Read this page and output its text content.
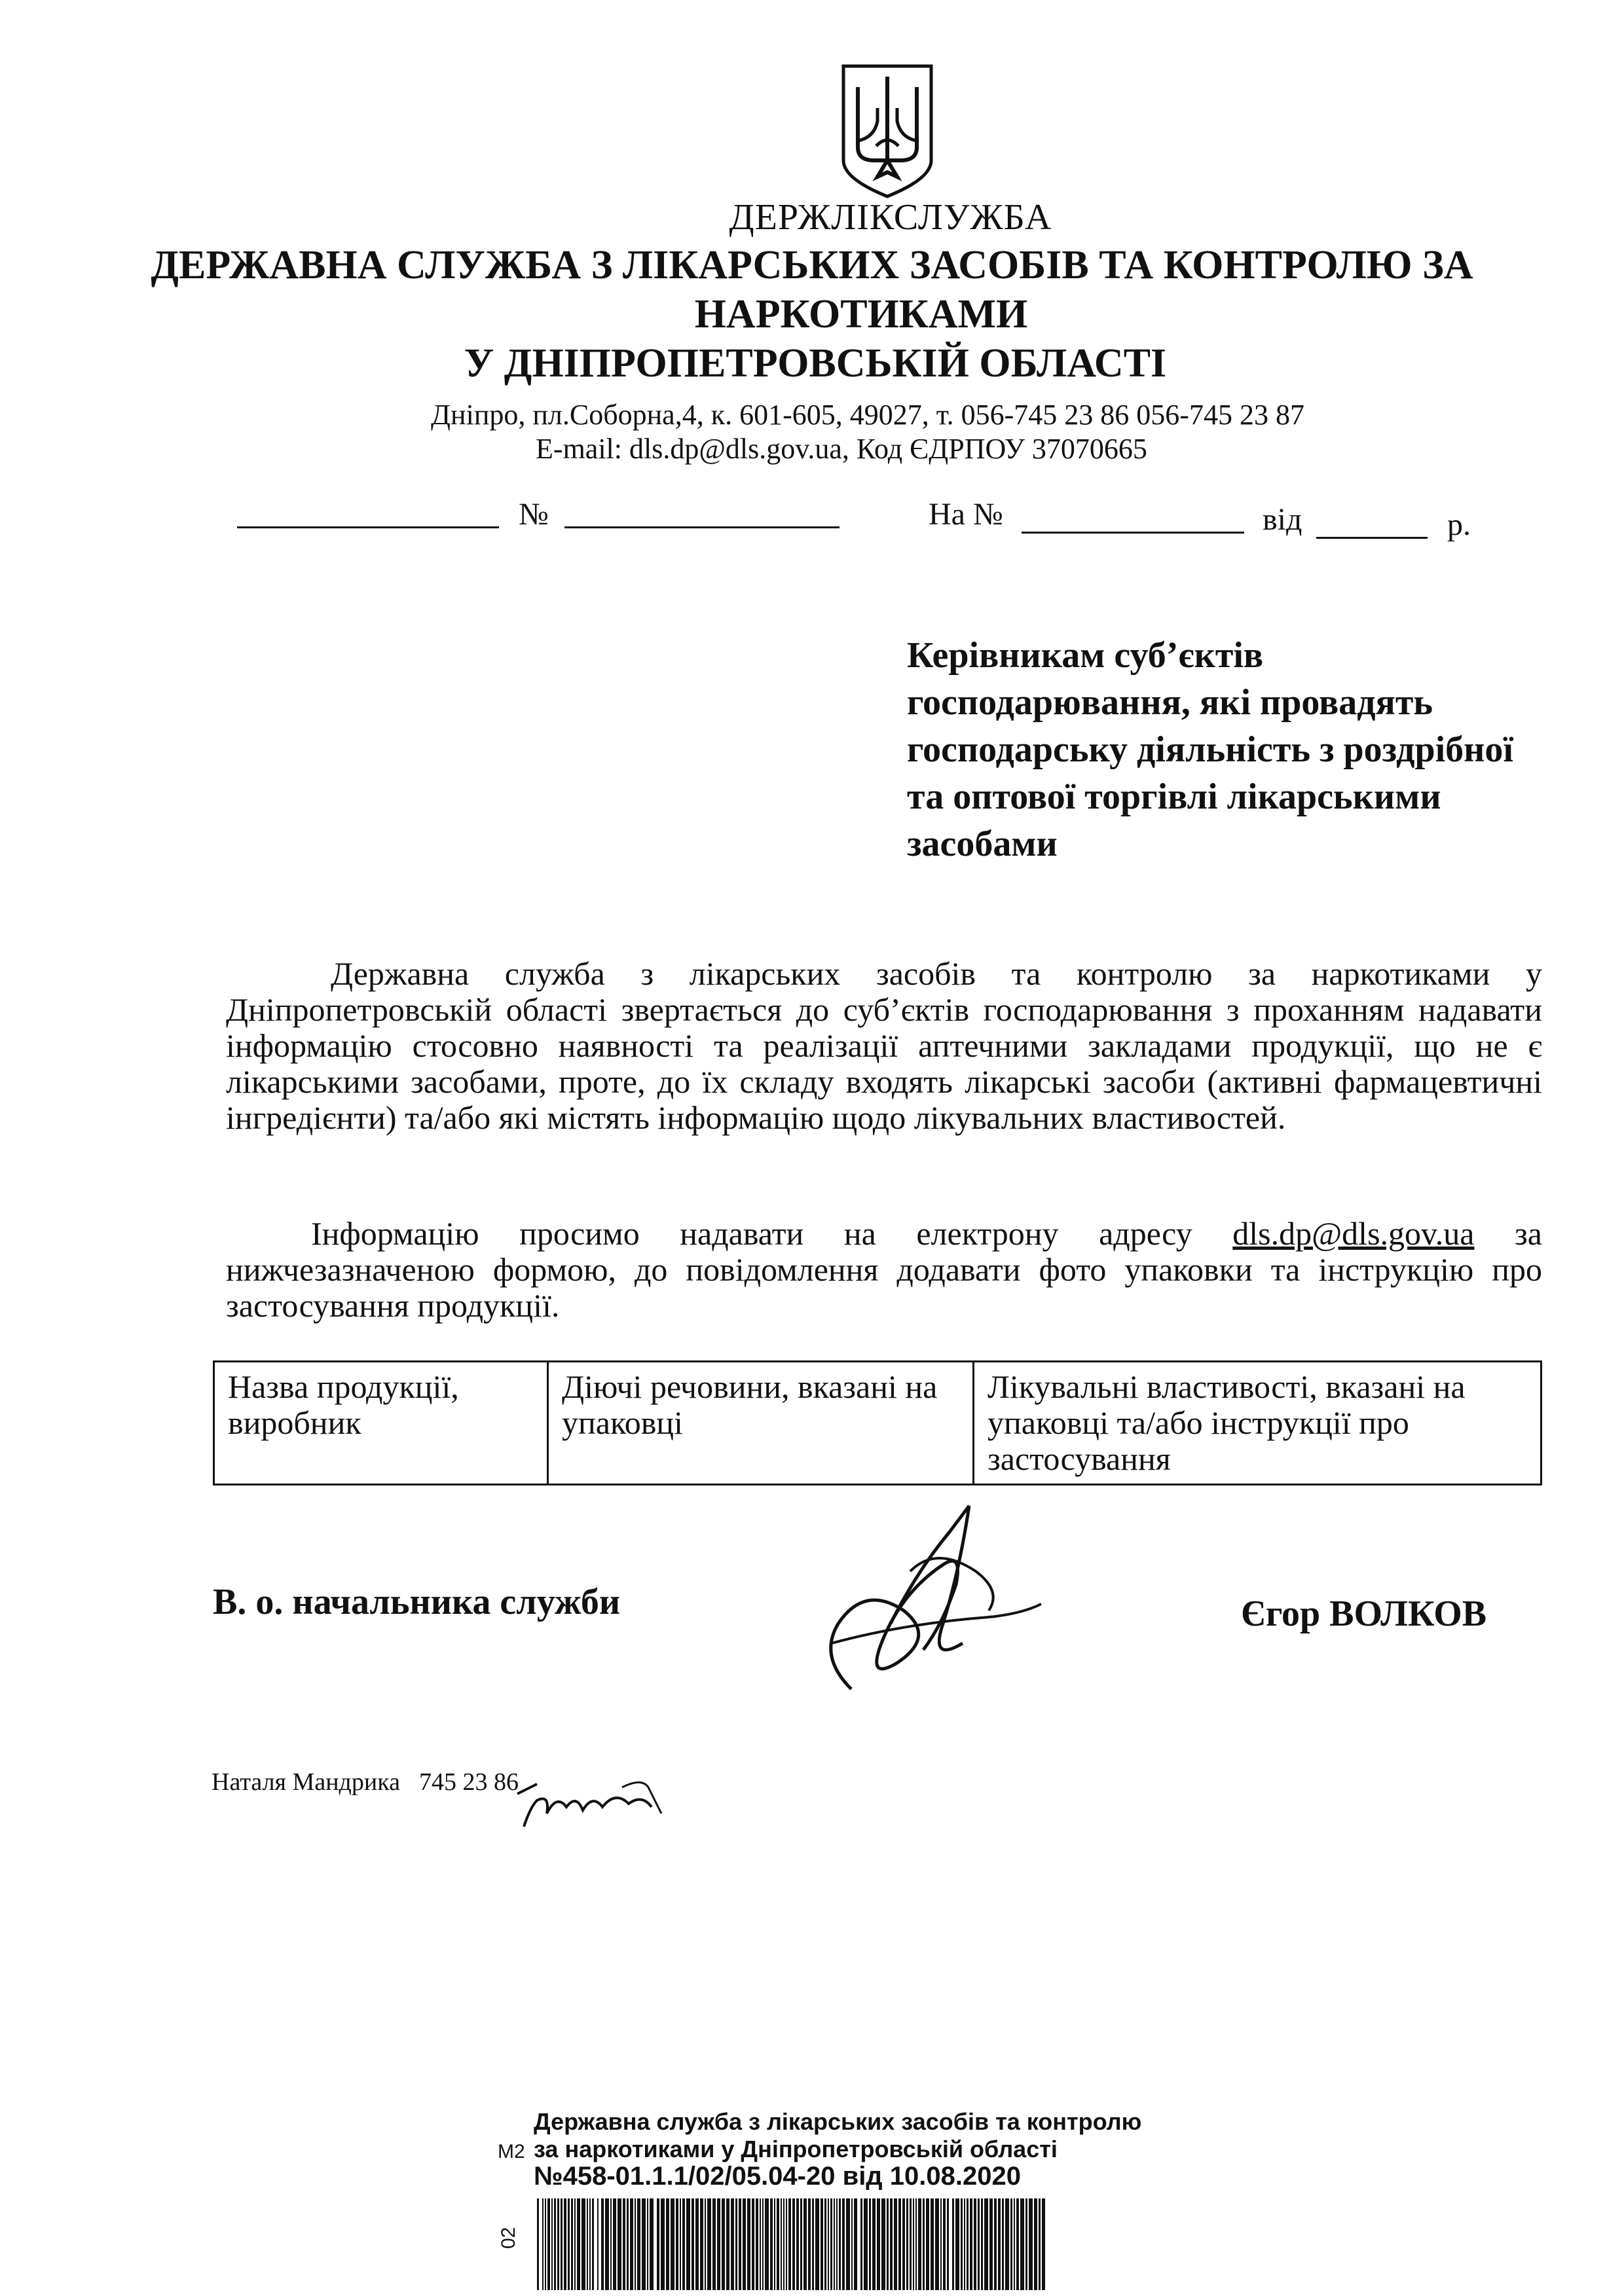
ДЕРЖЛІКСЛУЖБА
ДЕРЖАВНА СЛУЖБА З ЛІКАРСЬКИХ ЗАСОБІВ ТА КОНТРОЛЮ ЗА
НАРКОТИКАМИ
У ДНІПРОПЕТРОВСЬКІЙ ОБЛАСТІ
Дніпро, пл.Соборна,4, к. 601-605, 49027, т. 056-745 23 86 056-745 23 87
E-mail: dls.dp@dls.gov.ua, Код ЄДРПОУ 37070665
№	На №	від	р.
Керівникам суб’єктів
господарювання, які провадять
господарську діяльність з роздрібної
та оптової торгівлі лікарськими
засобами
Державна служба з лікарських засобів та контролю за наркотиками у Дніпропетровській області звертається до суб’єктів господарювання з проханням надавати інформацію стосовно наявності та реалізації аптечними закладами продукції, що не є лікарськими засобами, проте, до їх складу входять лікарські засоби (активні фармацевтичні інгредієнти) та/або які містять інформацію щодо лікувальних властивостей.
Інформацію просимо надавати на електрону адресу dls.dp@dls.gov.ua за нижчезазначеною формою, до повідомлення додавати фото упаковки та інструкцію про застосування продукції.
Назва продукції, виробник	Діючі речовини, вказані на упаковці	Лікувальні властивості, вказані на упаковці та/або інструкції про застосування
В. о. начальника служби	Єгор ВОЛКОВ
Наталя Мандрика 745 23 86
Державна служба з лікарських засобів та контролю
М2 за наркотиками у Дніпропетровській області
№458-01.1.1/02/05.04-20 від 10.08.2020
02
